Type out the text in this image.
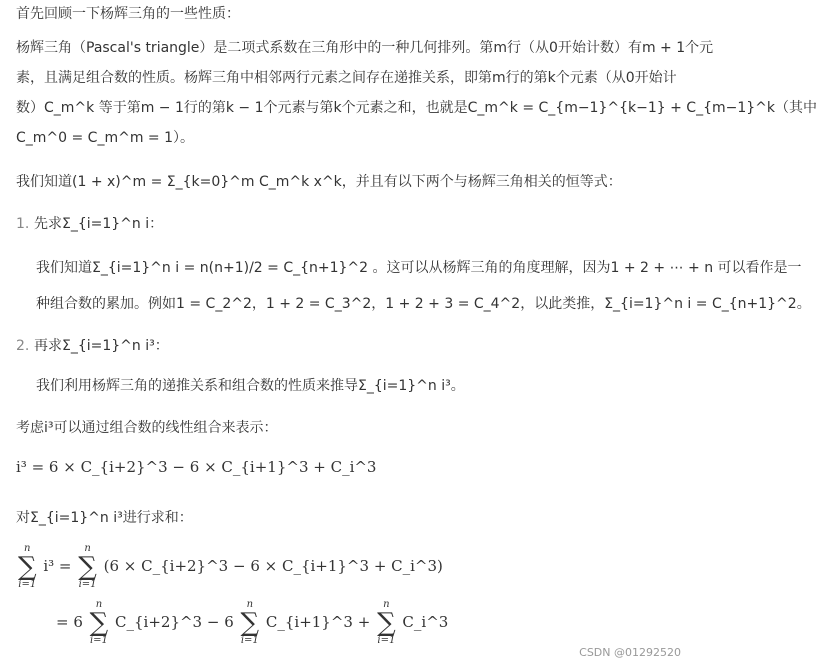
首先回顾一下杨辉三角的一些性质：
杨辉三角（Pascal's triangle）是二项式系数在三角形中的一种几何排列。第m行（从0开始计数）有m + 1个元
素，且满足组合数的性质。杨辉三角中相邻两行元素之间存在递推关系，即第m行的第k个元素（从0开始计
数）C_m^k 等于第m − 1行的第k − 1个元素与第k个元素之和，也就是C_m^k = C_{m−1}^{k−1} + C_{m−1}^k（其中
C_m^0 = C_m^m = 1）。
我们知道(1 + x)^m = Σ_{k=0}^m C_m^k x^k，并且有以下两个与杨辉三角相关的恒等式：
1. 先求Σ_{i=1}^n i：
我们知道Σ_{i=1}^n i = n(n+1)/2 = C_{n+1}^2 。这可以从杨辉三角的角度理解，因为1 + 2 + ⋯ + n 可以看作是一
种组合数的累加。例如1 = C_2^2，1 + 2 = C_3^2，1 + 2 + 3 = C_4^2，以此类推，Σ_{i=1}^n i = C_{n+1}^2。
2. 再求Σ_{i=1}^n i³：
我们利用杨辉三角的递推关系和组合数的性质来推导Σ_{i=1}^n i³。
考虑i³可以通过组合数的线性组合来表示：
i³ = 6 × C_{i+2}^3 − 6 × C_{i+1}^3 + C_i^3
对Σ_{i=1}^n i³进行求和：
n
∑
i=1
i³ =
n
∑
i=1
(6 × C_{i+2}^3 − 6 × C_{i+1}^3 + C_i^3)
= 6
n
∑
i=1
C_{i+2}^3 − 6
n
∑
i=1
C_{i+1}^3 +
n
∑
i=1
C_i^3
CSDN @01292520
